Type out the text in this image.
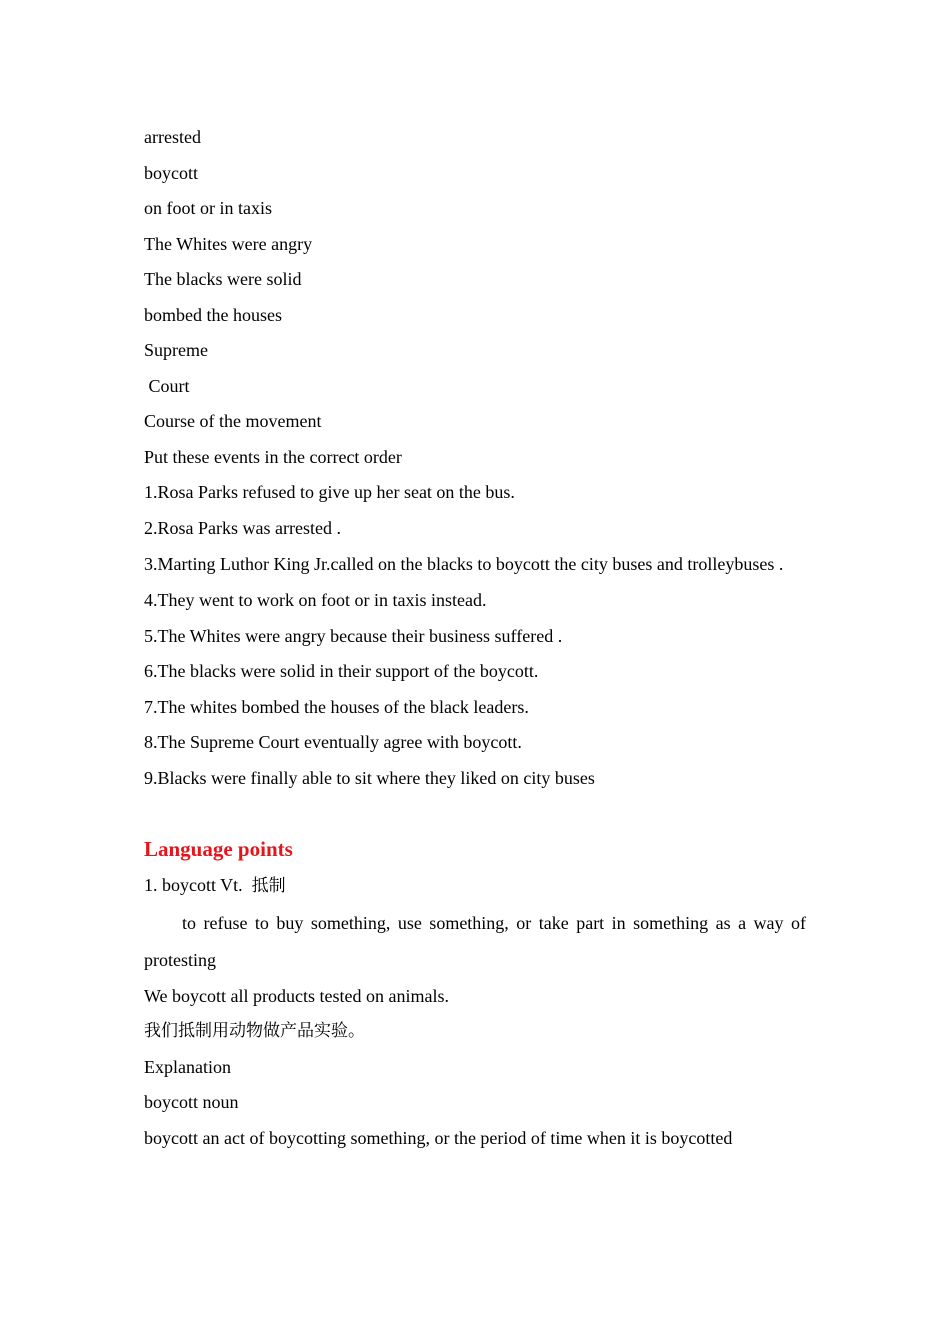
arrested
boycott
on foot or in taxis
The Whites were angry
The blacks were solid
bombed the houses
Supreme
Court
Course of the movement
Put these events in the correct order
1.Rosa Parks refused to give up her seat on the bus.
2.Rosa Parks was arrested .
3.Marting Luthor King Jr.called on the blacks to boycott the city buses and trolleybuses .
4.They went to work on foot or in taxis instead.
5.The Whites were angry because their business suffered .
6.The blacks were solid in their support of the boycott.
7.The whites bombed the houses of the black leaders.
8.The Supreme Court eventually agree with boycott.
9.Blacks were finally able to sit where they liked on city buses
Language points
1. boycott Vt. 抵制
to refuse to buy something, use something, or take part in something as a way of protesting
We boycott all products tested on animals.
我们抵制用动物做产品实验。
Explanation
boycott noun
boycott an act of boycotting something, or the period of time when it is boycotted
